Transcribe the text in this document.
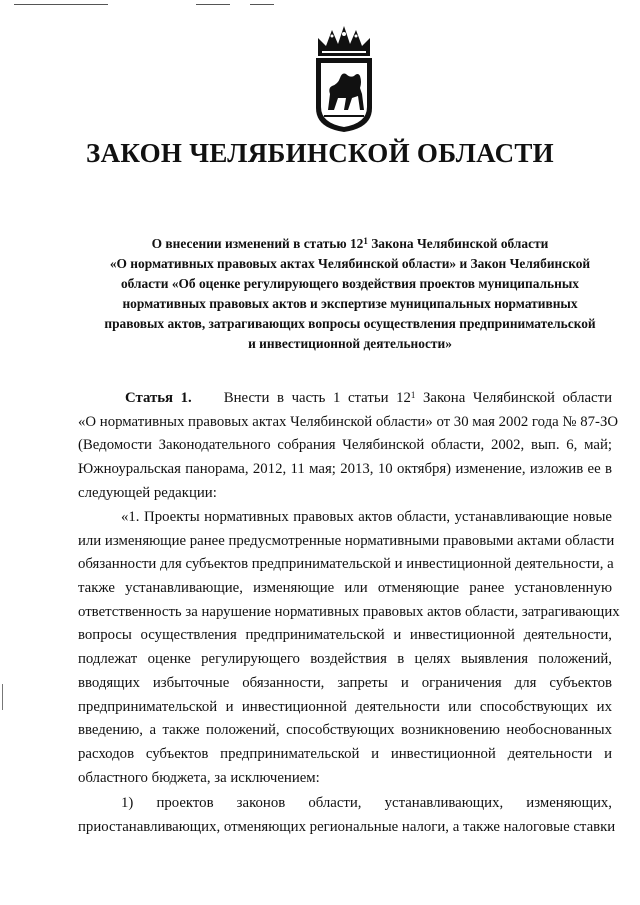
ЗАКОН ЧЕЛЯБИНСКОЙ ОБЛАСТИ
О внесении изменений в статью $12^1$ Закона Челябинской области
«О нормативных правовых актах Челябинской области» и Закон Челябинской
области «Об оценке регулирующего воздействия проектов муниципальных
нормативных правовых актов и экспертизе муниципальных нормативных
правовых актов, затрагивающих вопросы осуществления предпринимательской
и инвестиционной деятельности»
Статья 1. Внести в часть 1 статьи $12^1$ Закона Челябинской области
«О нормативных правовых актах Челябинской области» от 30 мая 2002 года № 87-ЗО
(Ведомости Законодательного собрания Челябинской области, 2002, вып. 6, май;
Южноуральская панорама, 2012, 11 мая; 2013, 10 октября) изменение, изложив ее в
следующей редакции:
«1. Проекты нормативных правовых актов области, устанавливающие новые
или изменяющие ранее предусмотренные нормативными правовыми актами области
обязанности для субъектов предпринимательской и инвестиционной деятельности, а
также устанавливающие, изменяющие или отменяющие ранее установленную
ответственность за нарушение нормативных правовых актов области, затрагивающих
вопросы осуществления предпринимательской и инвестиционной деятельности,
подлежат оценке регулирующего воздействия в целях выявления положений,
вводящих избыточные обязанности, запреты и ограничения для субъектов
предпринимательской и инвестиционной деятельности или способствующих их
введению, а также положений, способствующих возникновению необоснованных
расходов субъектов предпринимательской и инвестиционной деятельности и
областного бюджета, за исключением:
1) проектов законов области, устанавливающих, изменяющих,
приостанавливающих, отменяющих региональные налоги, а также налоговые ставки
